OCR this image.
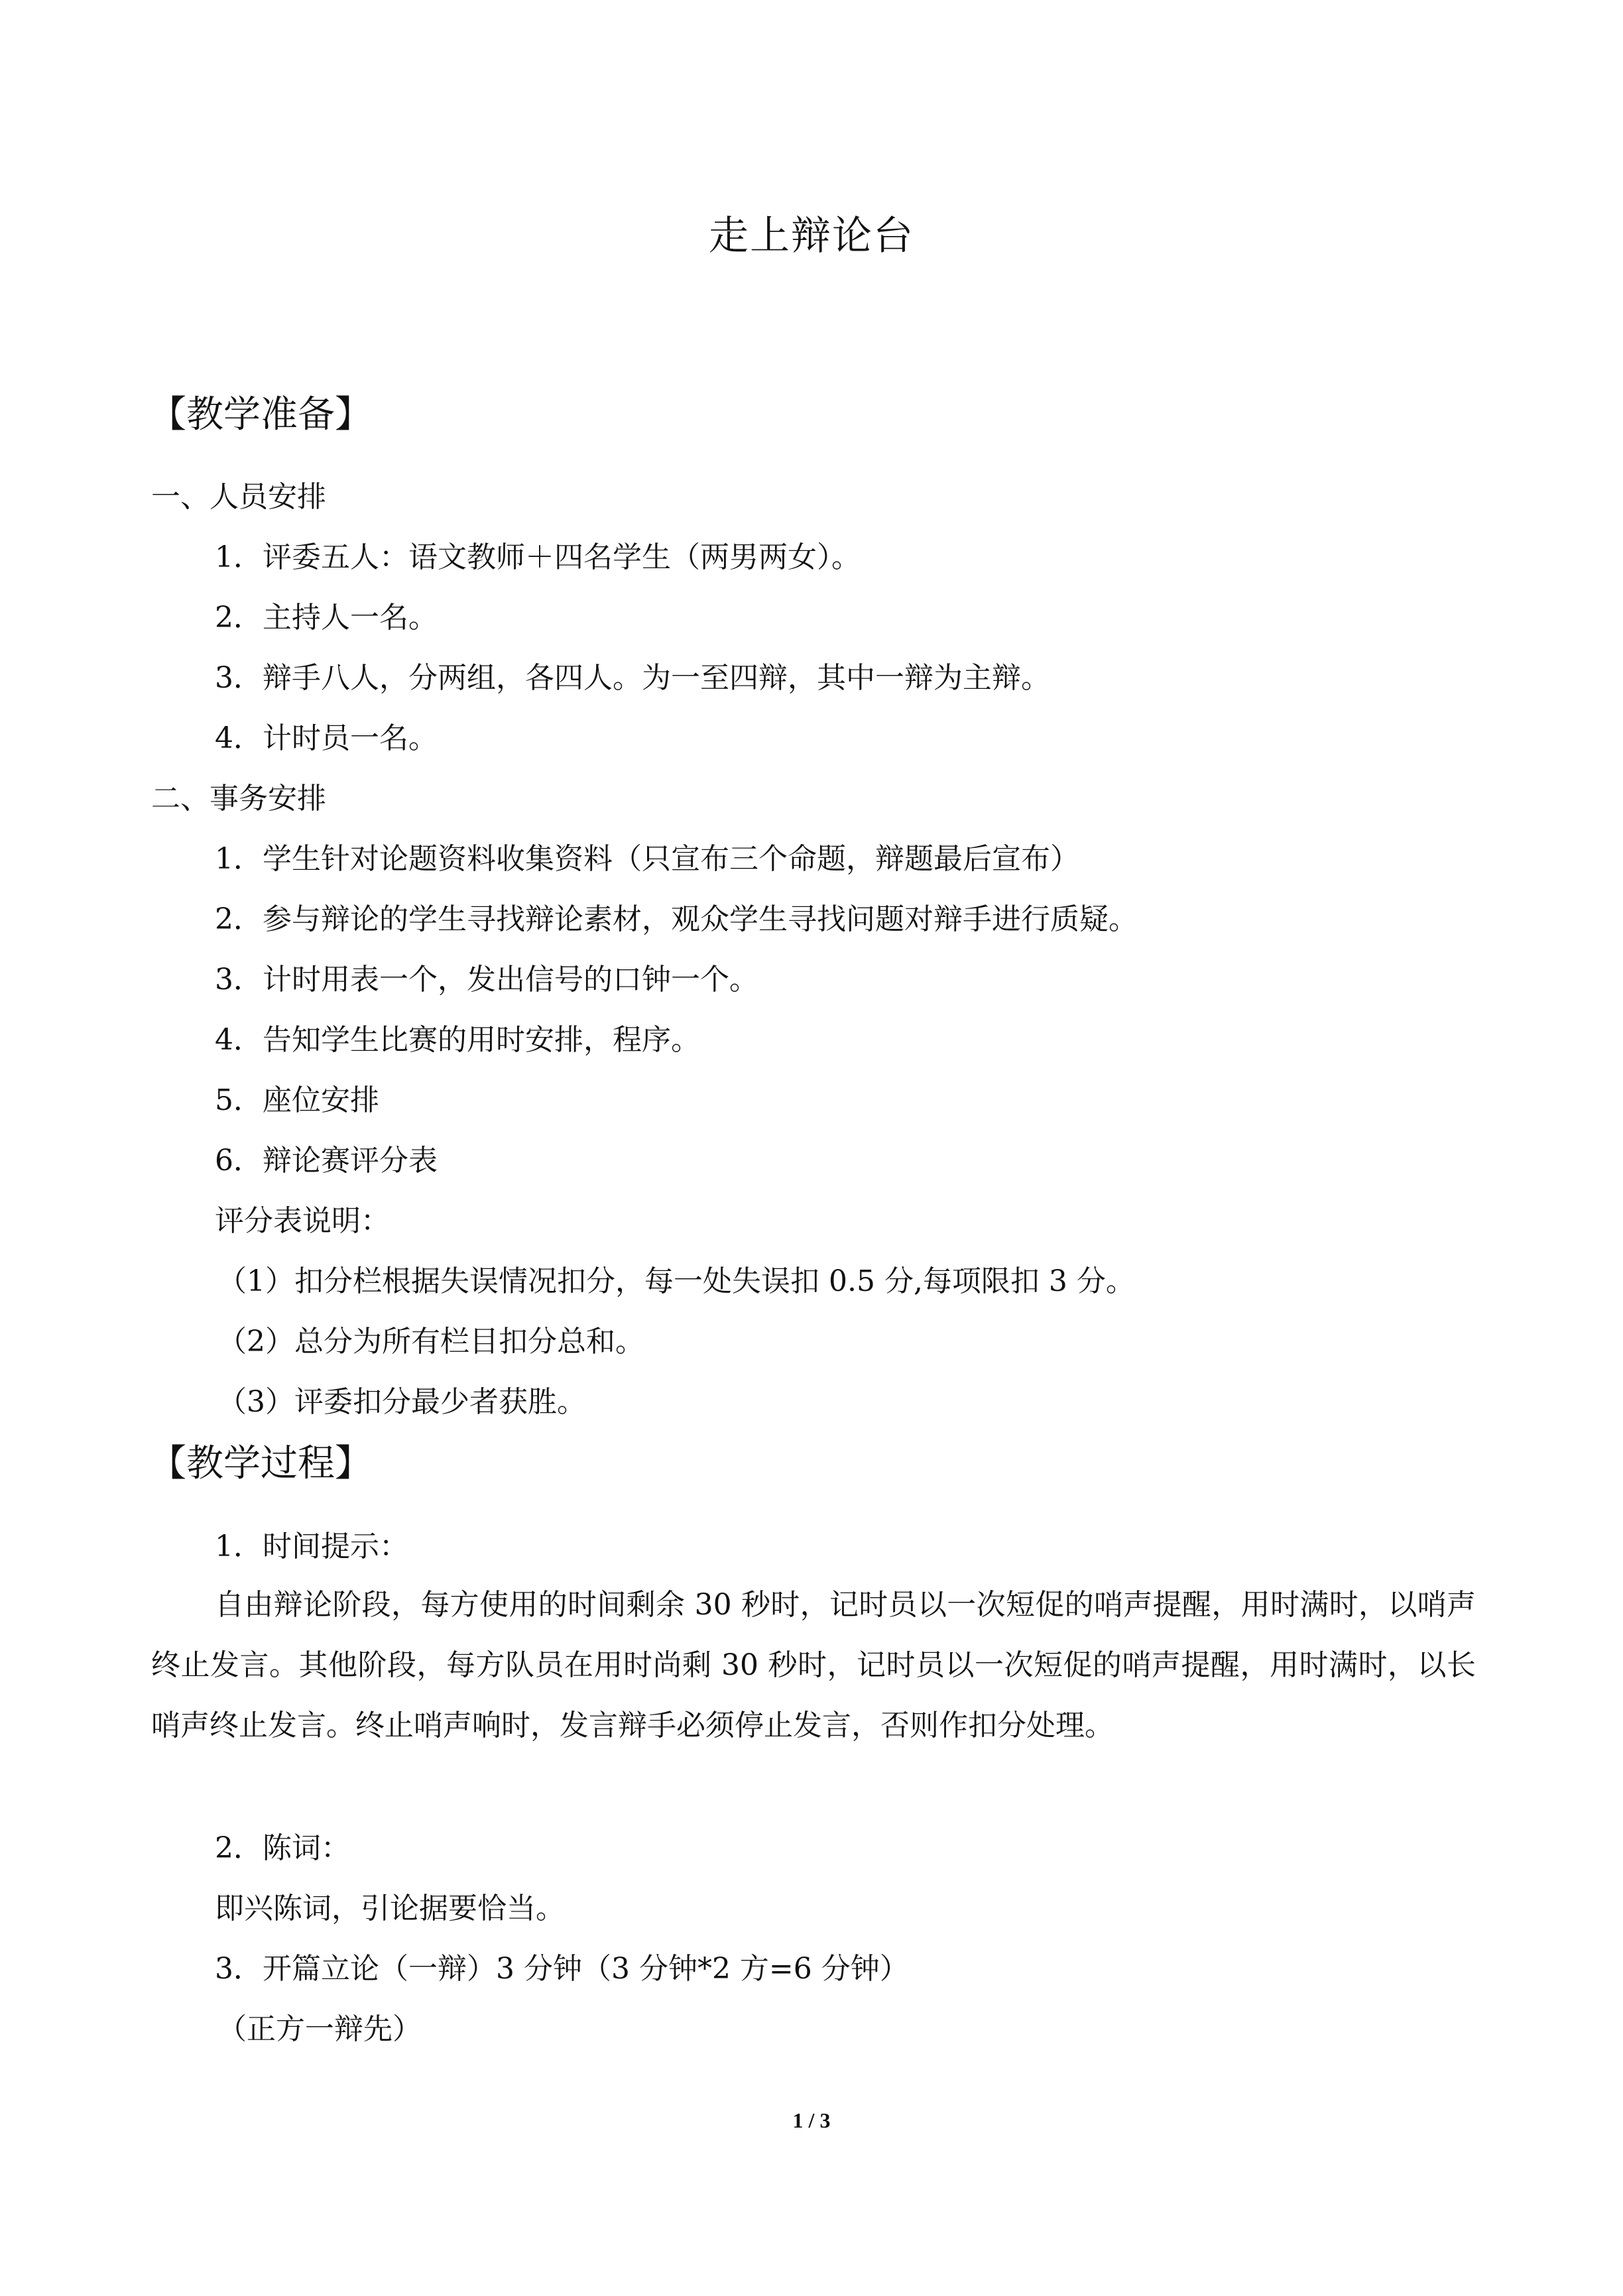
走上辩论台
【教学准备】
一、人员安排
1．评委五人：语文教师＋四名学生（两男两女）。
2．主持人一名。
3．辩手八人，分两组，各四人。为一至四辩，其中一辩为主辩。
4．计时员一名。
二、事务安排
1．学生针对论题资料收集资料（只宣布三个命题，辩题最后宣布）
2．参与辩论的学生寻找辩论素材，观众学生寻找问题对辩手进行质疑。
3．计时用表一个，发出信号的口钟一个。
4．告知学生比赛的用时安排，程序。
5．座位安排
6．辩论赛评分表
评分表说明：
（1）扣分栏根据失误情况扣分，每一处失误扣 0.5 分,每项限扣 3 分。
（2）总分为所有栏目扣分总和。
（3）评委扣分最少者获胜。
【教学过程】
1．时间提示：
自由辩论阶段，每方使用的时间剩余 30 秒时，记时员以一次短促的哨声提醒，用时满时，以哨声终止发言。其他阶段，每方队员在用时尚剩 30 秒时，记时员以一次短促的哨声提醒，用时满时，以长哨声终止发言。终止哨声响时，发言辩手必须停止发言，否则作扣分处理。
2．陈词：
即兴陈词，引论据要恰当。
3．开篇立论（一辩）3 分钟（3 分钟*2 方=6 分钟）
（正方一辩先）
1 / 3
